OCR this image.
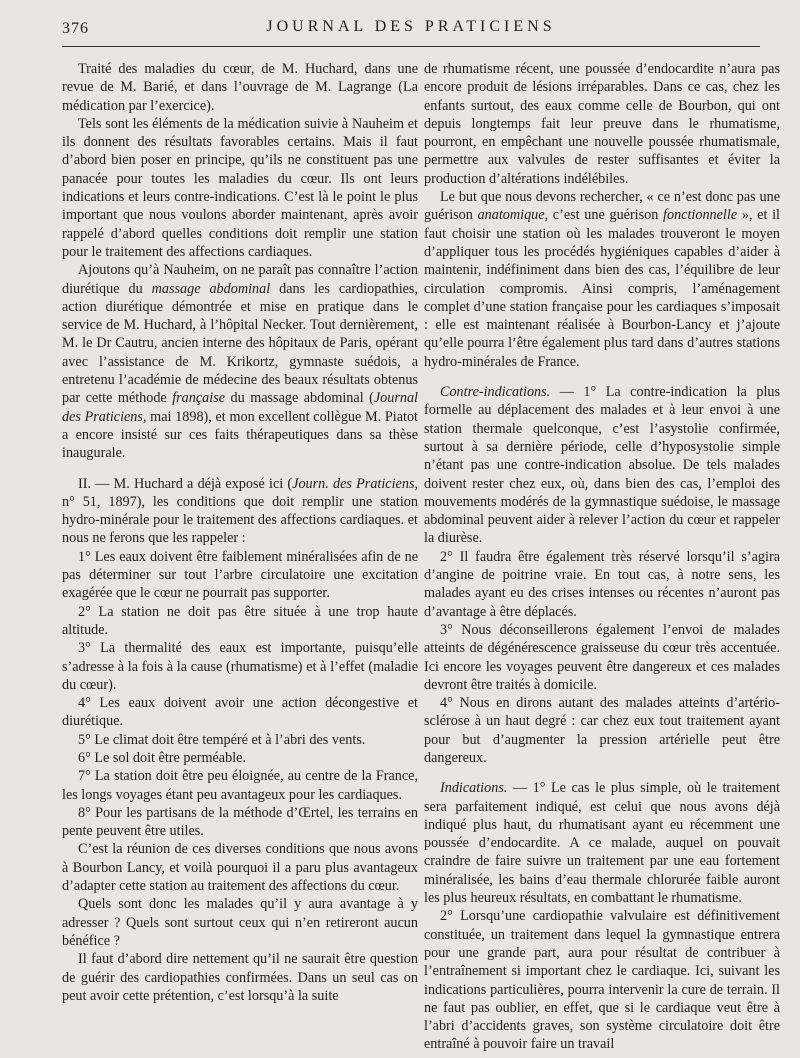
376	JOURNAL DES PRATICIENS

Traité des maladies du cœur, de M. Huchard, dans une revue de M. Barié, et dans l’ouvrage de M. Lagrange (La médication par l’exercice).

Tels sont les éléments de la médication suivie à Nauheim et ils donnent des résultats favorables certains. Mais il faut d’abord bien poser en principe, qu’ils ne constituent pas une panacée pour toutes les maladies du cœur. Ils ont leurs indications et leurs contre-indications. C’est là le point le plus important que nous voulons aborder maintenant, après avoir rappelé d’abord quelles conditions doit remplir une station pour le traitement des affections cardiaques.

Ajoutons qu’à Nauheim, on ne paraît pas connaître l’action diurétique du massage abdominal dans les cardiopathies, action diurétique démontrée et mise en pratique dans le service de M. Huchard, à l’hôpital Necker. Tout dernièrement, M. le Dr Cautru, ancien interne des hôpitaux de Paris, opérant avec l’assistance de M. Krikortz, gymnaste suédois, a entretenu l’académie de médecine des beaux résultats obtenus par cette méthode française du massage abdominal (Journal des Praticiens, mai 1898), et mon excellent collègue M. Piatot a encore insisté sur ces faits thérapeutiques dans sa thèse inaugurale.

II. — M. Huchard a déjà exposé ici (Journ. des Praticiens, n° 51, 1897), les conditions que doit remplir une station hydro-minérale pour le traitement des affections cardiaques. et nous ne ferons que les rappeler :

1° Les eaux doivent être faiblement minéralisées afin de ne pas déterminer sur tout l’arbre circulatoire une excitation exagérée que le cœur ne pourrait pas supporter.

2° La station ne doit pas être située à une trop haute altitude.

3° La thermalité des eaux est importante, puisqu’elle s’adresse à la fois à la cause (rhumatisme) et à l’effet (maladie du cœur).

4° Les eaux doivent avoir une action décongestive et diurétique.

5° Le climat doit être tempéré et à l’abri des vents.

6° Le sol doit être perméable.

7° La station doit être peu éloignée, au centre de la France, les longs voyages étant peu avantageux pour les cardiaques.

8° Pour les partisans de la méthode d’Œrtel, les terrains en pente peuvent être utiles.

C’est la réunion de ces diverses conditions que nous avons à Bourbon Lancy, et voilà pourquoi il a paru plus avantageux d’adapter cette station au traitement des affections du cœur.

Quels sont donc les malades qu’il y aura avantage à y adresser ? Quels sont surtout ceux qui n’en retireront aucun bénéfice ?

Il faut d’abord dire nettement qu’il ne saurait être question de guérir des cardiopathies confirmées. Dans un seul cas on peut avoir cette prétention, c’est lorsqu’à la suite

de rhumatisme récent, une poussée d’endocardite n’aura pas encore produit de lésions irréparables. Dans ce cas, chez les enfants surtout, des eaux comme celle de Bourbon, qui ont depuis longtemps fait leur preuve dans le rhumatisme, pourront, en empêchant une nouvelle poussée rhumatismale, permettre aux valvules de rester suffisantes et éviter la production d’altérations indélébiles.

Le but que nous devons rechercher, « ce n’est donc pas une guérison anatomique, c’est une guérison fonctionnelle », et il faut choisir une station où les malades trouveront le moyen d’appliquer tous les procédés hygiéniques capables d’aider à maintenir, indéfiniment dans bien des cas, l’équilibre de leur circulation compromis. Ainsi compris, l’aménagement complet d’une station française pour les cardiaques s’imposait : elle est maintenant réalisée à Bourbon-Lancy et j’ajoute qu’elle pourra l’être également plus tard dans d’autres stations hydro-minérales de France.

Contre-indications. — 1° La contre-indication la plus formelle au déplacement des malades et à leur envoi à une station thermale quelconque, c’est l’asystolie confirmée, surtout à sa dernière période, celle d’hyposystolie simple n’étant pas une contre-indication absolue. De tels malades doivent rester chez eux, où, dans bien des cas, l’emploi des mouvements modérés de la gymnastique suédoise, le massage abdominal peuvent aider à relever l’action du cœur et rappeler la diurèse.

2° Il faudra être également très réservé lorsqu’il s’agira d’angine de poitrine vraie. En tout cas, à notre sens, les malades ayant eu des crises intenses ou récentes n’auront pas d’avantage à être déplacés.

3° Nous déconseillerons également l’envoi de malades atteints de dégénérescence graisseuse du cœur très accentuée. Ici encore les voyages peuvent être dangereux et ces malades devront être traités à domicile.

4° Nous en dirons autant des malades atteints d’artério-sclérose à un haut degré : car chez eux tout traitement ayant pour but d’augmenter la pression artérielle peut être dangereux.

Indications. — 1° Le cas le plus simple, où le traitement sera parfaitement indiqué, est celui que nous avons déjà indiqué plus haut, du rhumatisant ayant eu récemment une poussée d’endocardite. A ce malade, auquel on pouvait craindre de faire suivre un traitement par une eau fortement minéralisée, les bains d’eau thermale chlorurée faible auront les plus heureux résultats, en combattant le rhumatisme.

2° Lorsqu’une cardiopathie valvulaire est définitivement constituée, un traitement dans lequel la gymnastique entrera pour une grande part, aura pour résultat de contribuer à l’entraînement si important chez le cardiaque. Ici, suivant les indications particulières, pourra intervenir la cure de terrain. Il ne faut pas oublier, en effet, que si le cardiaque veut être à l’abri d’accidents graves, son système circulatoire doit être entraîné à pouvoir faire un travail
